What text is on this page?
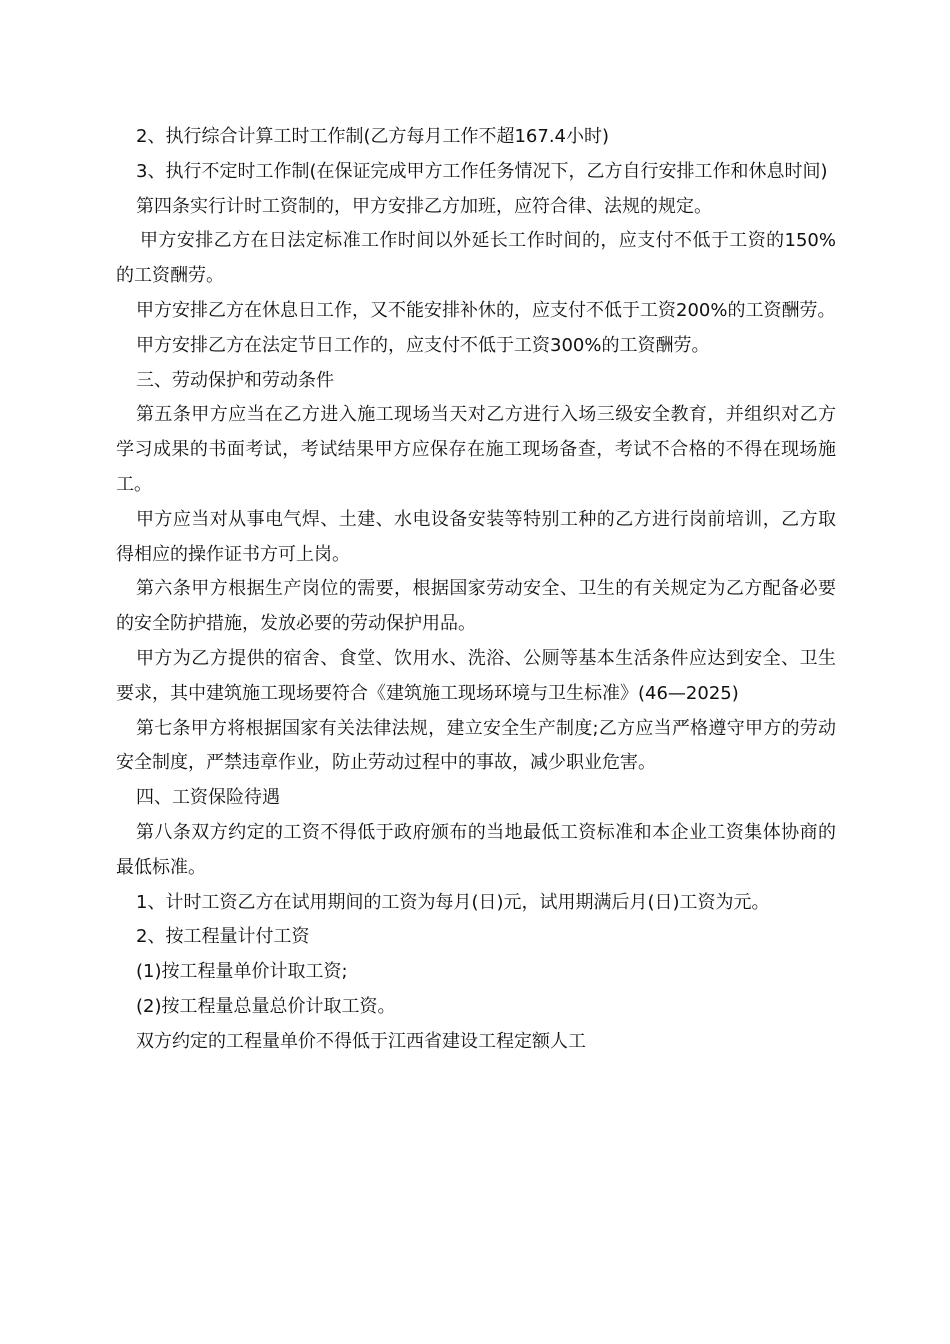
2、执行综合计算工时工作制(乙方每月工作不超167.4小时)

3、执行不定时工作制(在保证完成甲方工作任务情况下，乙方自行安排工作和休息时间)

第四条实行计时工资制的，甲方安排乙方加班，应符合律、法规的规定。

甲方安排乙方在日法定标准工作时间以外延长工作时间的，应支付不低于工资的150%的工资酬劳。

甲方安排乙方在休息日工作，又不能安排补休的，应支付不低于工资200%的工资酬劳。

甲方安排乙方在法定节日工作的，应支付不低于工资300%的工资酬劳。

三、劳动保护和劳动条件

第五条甲方应当在乙方进入施工现场当天对乙方进行入场三级安全教育，并组织对乙方学习成果的书面考试，考试结果甲方应保存在施工现场备查，考试不合格的不得在现场施工。

甲方应当对从事电气焊、土建、水电设备安装等特别工种的乙方进行岗前培训，乙方取得相应的操作证书方可上岗。

第六条甲方根据生产岗位的需要，根据国家劳动安全、卫生的有关规定为乙方配备必要的安全防护措施，发放必要的劳动保护用品。

甲方为乙方提供的宿舍、食堂、饮用水、洗浴、公厕等基本生活条件应达到安全、卫生要求，其中建筑施工现场要符合《建筑施工现场环境与卫生标准》(46—2025)

第七条甲方将根据国家有关法律法规，建立安全生产制度;乙方应当严格遵守甲方的劳动安全制度，严禁违章作业，防止劳动过程中的事故，减少职业危害。

四、工资保险待遇

第八条双方约定的工资不得低于政府颁布的当地最低工资标准和本企业工资集体协商的最低标准。

1、计时工资乙方在试用期间的工资为每月(日)元，试用期满后月(日)工资为元。

2、按工程量计付工资

(1)按工程量单价计取工资;

(2)按工程量总量总价计取工资。

双方约定的工程量单价不得低于江西省建设工程定额人工
